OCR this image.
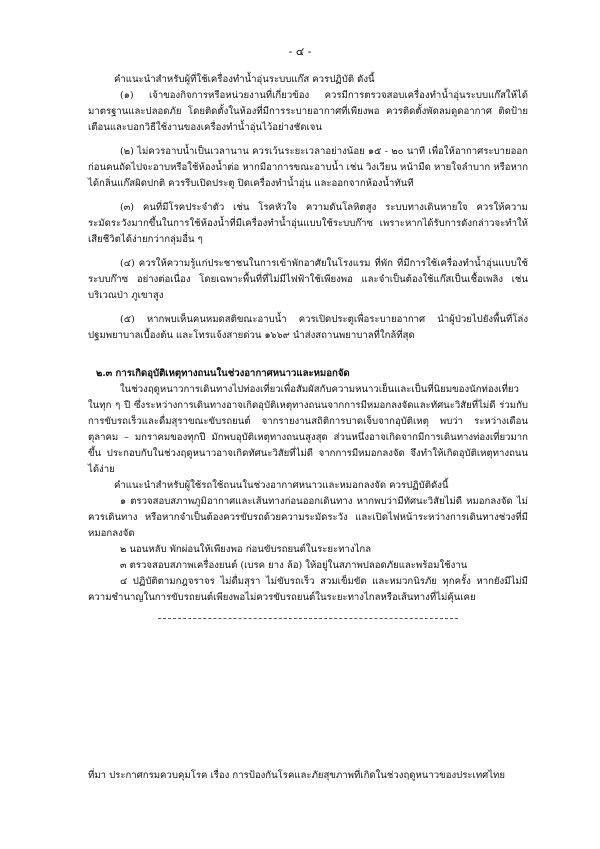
- ๔ -

คำแนะนำสำหรับผู้ที่ใช้เครื่องทำน้ำอุ่นระบบแก๊ส ควรปฏิบัติ ดังนี้

(๑) เจ้าของกิจการหรือหน่วยงานที่เกี่ยวข้อง ควรมีการตรวจสอบเครื่องทำน้ำอุ่นระบบแก๊สให้ได้มาตรฐานและปลอดภัย โดยติดตั้งในห้องที่มีการระบายอากาศที่เพียงพอ ควรติดตั้งพัดลมดูดอากาศ ติดป้ายเตือนและบอกวิธีใช้งานของเครื่องทำน้ำอุ่นไว้อย่างชัดเจน

(๒) ไม่ควรอาบน้ำเป็นเวลานาน ควรเว้นระยะเวลาอย่างน้อย ๑๕ - ๒๐ นาที เพื่อให้อากาศระบายออกก่อนคนถัดไปจะอาบหรือใช้ห้องน้ำต่อ หากมีอาการขณะอาบน้ำ เช่น วิงเวียน หน้ามืด หายใจลำบาก หรือหากได้กลิ่นแก๊สผิดปกติ ควรรีบเปิดประตู ปิดเครื่องทำน้ำอุ่น และออกจากห้องน้ำทันที

(๓) คนที่มีโรคประจำตัว เช่น โรคหัวใจ ความดันโลหิตสูง ระบบทางเดินหายใจ ควรให้ความระมัดระวังมากขึ้นในการใช้ห้องน้ำที่มีเครื่องทำน้ำอุ่นแบบใช้ระบบก๊าซ เพราะหากได้รับการดังกล่าวจะทำให้เสียชีวิตได้ง่ายกว่ากลุ่มอื่น ๆ

(๔) ควรให้ความรู้แก่ประชาชนในการเข้าพักอาศัยในโรงแรม ที่พัก ที่มีการใช้เครื่องทำน้ำอุ่นแบบใช้ระบบก๊าซ อย่างต่อเนื่อง โดยเฉพาะพื้นที่ที่ไม่มีไฟฟ้าใช้เพียงพอ และจำเป็นต้องใช้แก๊สเป็นเชื้อเพลิง เช่น บริเวณป่า ภูเขาสูง

(๕) หากพบเห็นคนหมดสติขณะอาบน้ำ ควรเปิดประตูเพื่อระบายอากาศ นำผู้ป่วยไปยังพื้นที่โล่ง ปฐมพยาบาลเบื้องต้น และโทรแจ้งสายด่วน ๑๖๖๙ นำส่งสถานพยาบาลที่ใกล้ที่สุด

๒.๓ การเกิดอุบัติเหตุทางถนนในช่วงอากาศหนาวและหมอกจัด

ในช่วงฤดูหนาวการเดินทางไปท่องเที่ยวเพื่อสัมผัสกับความหนาวเย็นและเป็นที่นิยมของนักท่องเที่ยวในทุก ๆ ปี ซึ่งระหว่างการเดินทางอาจเกิดอุบัติเหตุทางถนนจากการมีหมอกลงจัดและทัศนะวิสัยที่ไม่ดี ร่วมกับการขับรถเร็วและดื่มสุราขณะขับรถยนต์ จากรายงานสถิติการบาดเจ็บจากอุบัติเหตุ พบว่า ระหว่างเดือนตุลาคม – มกราคมของทุกปี มักพบอุบัติเหตุทางถนนสูงสุด ส่วนหนึ่งอาจเกิดจากมีการเดินทางท่องเที่ยวมากขึ้น ประกอบกับในช่วงฤดูหนาวอาจเกิดทัศนะวิสัยที่ไม่ดี จากการมีหมอกลงจัด จึงทำให้เกิดอุบัติเหตุทางถนนได้ง่าย

คำแนะนำสำหรับผู้ใช้รถใช้ถนนในช่วงอากาศหนาวและหมอกลงจัด ควรปฏิบัติดังนี้

๑ ตรวจสอบสภาพภูมิอากาศและเส้นทางก่อนออกเดินทาง หากพบว่ามีทัศนะวิสัยไม่ดี หมอกลงจัด ไม่ควรเดินทาง หรือหากจำเป็นต้องควรขับรถด้วยความระมัดระวัง และเปิดไฟหน้าระหว่างการเดินทางช่วงที่มีหมอกลงจัด

๒ นอนหลับ พักผ่อนให้เพียงพอ ก่อนขับรถยนต์ในระยะทางไกล

๓ ตรวจสอบสภาพเครื่องยนต์ (เบรค ยาง ล้อ) ให้อยู่ในสภาพปลอดภัยและพร้อมใช้งาน

๔ ปฏิบัติตามกฎจราจร ไม่ดื่มสุรา ไม่ขับรถเร็ว สวมเข็มขัด และหมวกนิรภัย ทุกครั้ง หากยังมีไม่มีความชำนาญในการขับรถยนต์เพียงพอไม่ควรขับรถยนต์ในระยะทางไกลหรือเส้นทางที่ไม่คุ้นเคย

ที่มา ประกาศกรมควบคุมโรค เรื่อง การป้องกันโรคและภัยสุขภาพที่เกิดในช่วงฤดูหนาวของประเทศไทย
